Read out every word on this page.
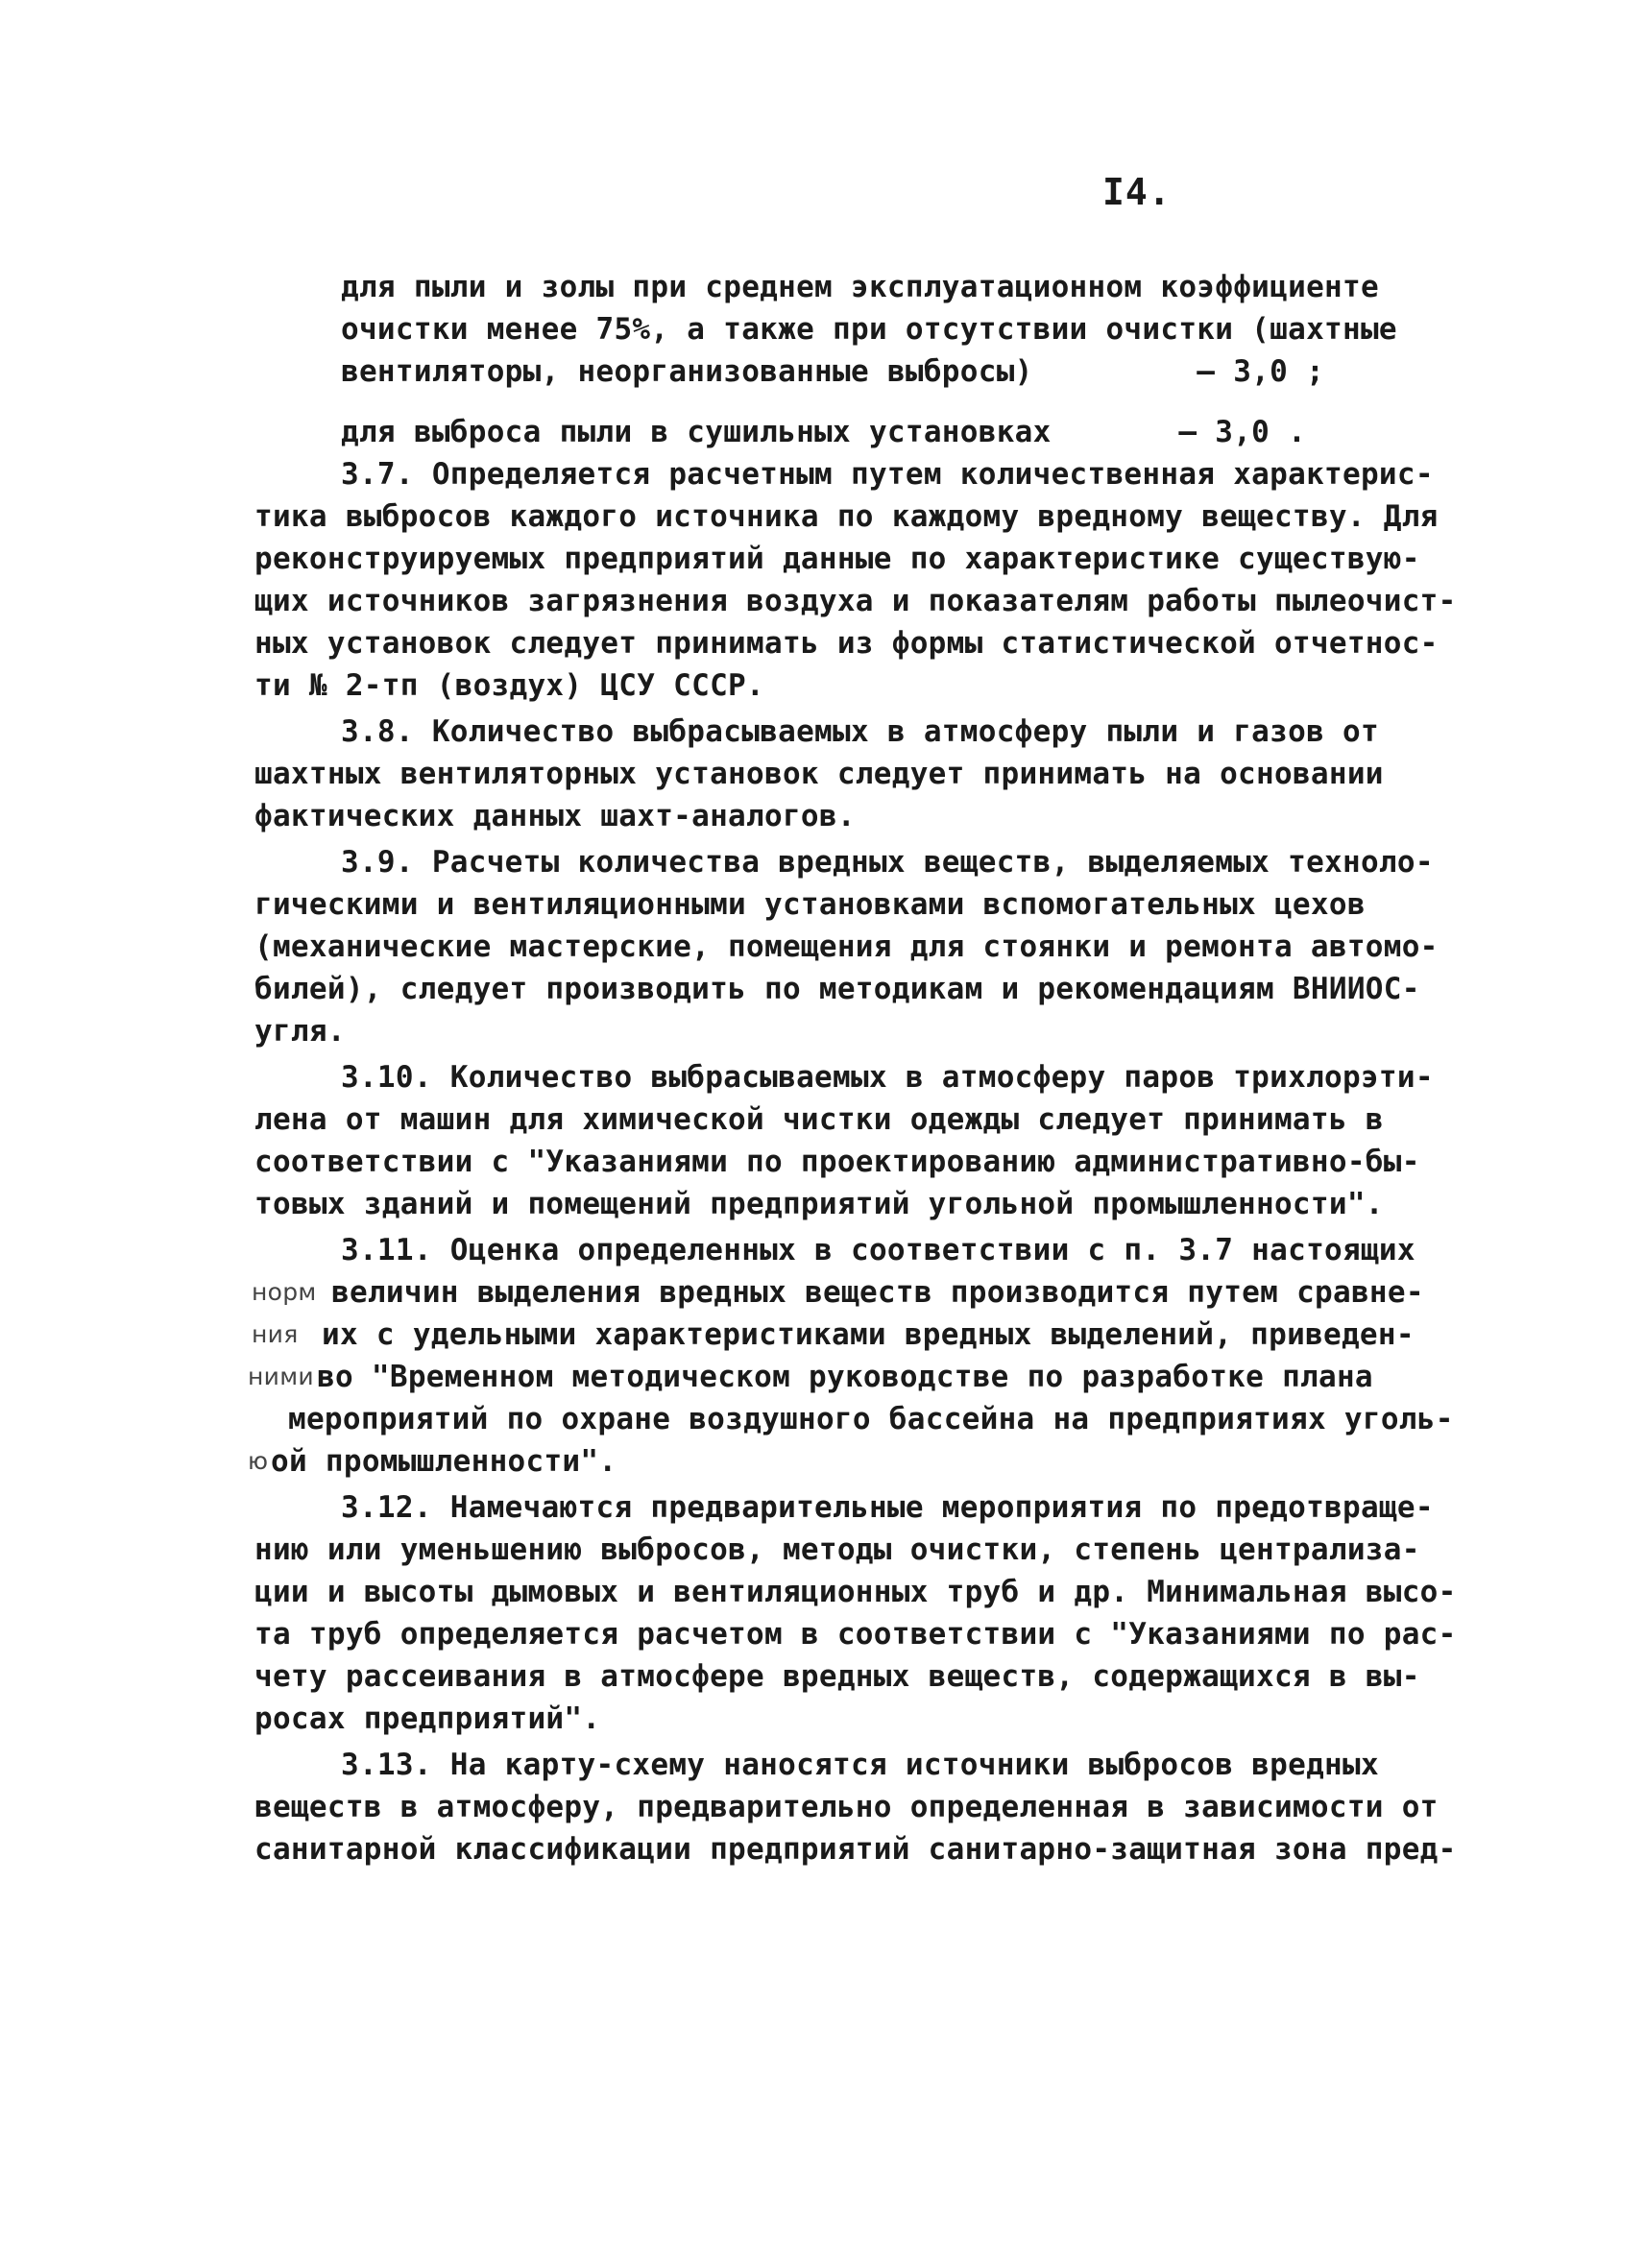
I4.
для пыли и золы при среднем эксплуатационном коэффициенте
очистки менее 75%, а также при отсутствии очистки (шахтные
вентиляторы, неорганизованные выбросы)         – 3,0 ;
для выброса пыли в сушильных установках       – 3,0 .
3.7. Определяется расчетным путем количественная характерис-
тика выбросов каждого источника по каждому вредному веществу. Для
реконструируемых предприятий данные по характеристике существую-
щих источников загрязнения воздуха и показателям работы пылеочист-
ных установок следует принимать из формы статистической отчетнос-
ти № 2-тп (воздух) ЦСУ СССР.
3.8. Количество выбрасываемых в атмосферу пыли и газов от
шахтных вентиляторных установок следует принимать на основании
фактических данных шахт-аналогов.
3.9. Расчеты количества вредных веществ, выделяемых техноло-
гическими и вентиляционными установками вспомогательных цехов
(механические мастерские, помещения для стоянки и ремонта автомо-
билей), следует производить по методикам и рекомендациям ВНИИОС-
угля.
3.10. Количество выбрасываемых в атмосферу паров трихлорэти-
лена от машин для химической чистки одежды следует принимать в
соответствии с "Указаниями по проектированию административно-бы-
товых зданий и помещений предприятий угольной промышленности".
3.11. Оценка определенных в соответствии с п. 3.7 настоящих
норм величин выделения вредных веществ производится путем сравне-
ния их с удельными характеристиками вредных выделений, приведен-
ними во "Временном методическом руководстве по разработке плана
мероприятий по охране воздушного бассейна на предприятиях уголь-
ю ой промышленности".
3.12. Намечаются предварительные мероприятия по предотвраще-
нию или уменьшению выбросов, методы очистки, степень централиза-
ции и высоты дымовых и вентиляционных труб и др. Минимальная высо-
та труб определяется расчетом в соответствии с "Указаниями по рас-
чету рассеивания в атмосфере вредных веществ, содержащихся в вы-
росах предприятий".
3.13. На карту-схему наносятся источники выбросов вредных
веществ в атмосферу, предварительно определенная в зависимости от
санитарной классификации предприятий санитарно-защитная зона пред-
